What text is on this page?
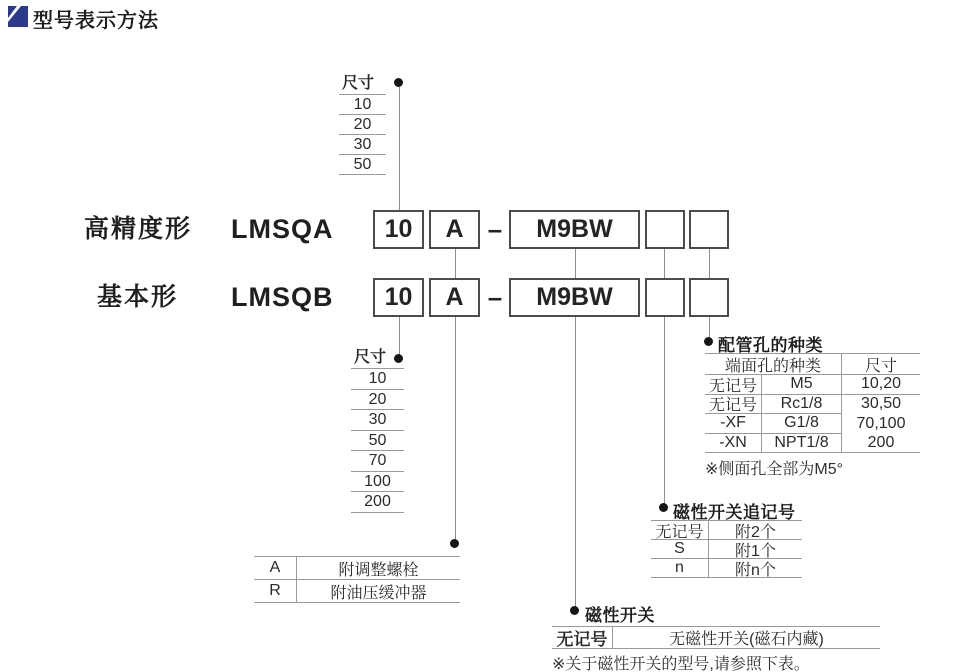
型号表示方法
尺寸
10
20
30
50
高精度形 LMSQA	10	A –	M9BW
基本形 LMSQB	10	A –	M9BW
尺寸
10
20
30
50
70
100
200
A	附调整螺栓
R	附油压缓冲器
配管孔的种类
端面孔的种类	尺寸
无记号	M5	10,20
无记号	Rc1/8	30,50
-XF	G1/8	70,100
-XN	NPT1/8	200
※侧面孔全部为M5°
磁性开关追记号
无记号	附2个
S	附1个
n	附n个
磁性开关
无记号	无磁性开关(磁石内藏)
※关于磁性开关的型号,请参照下表。
